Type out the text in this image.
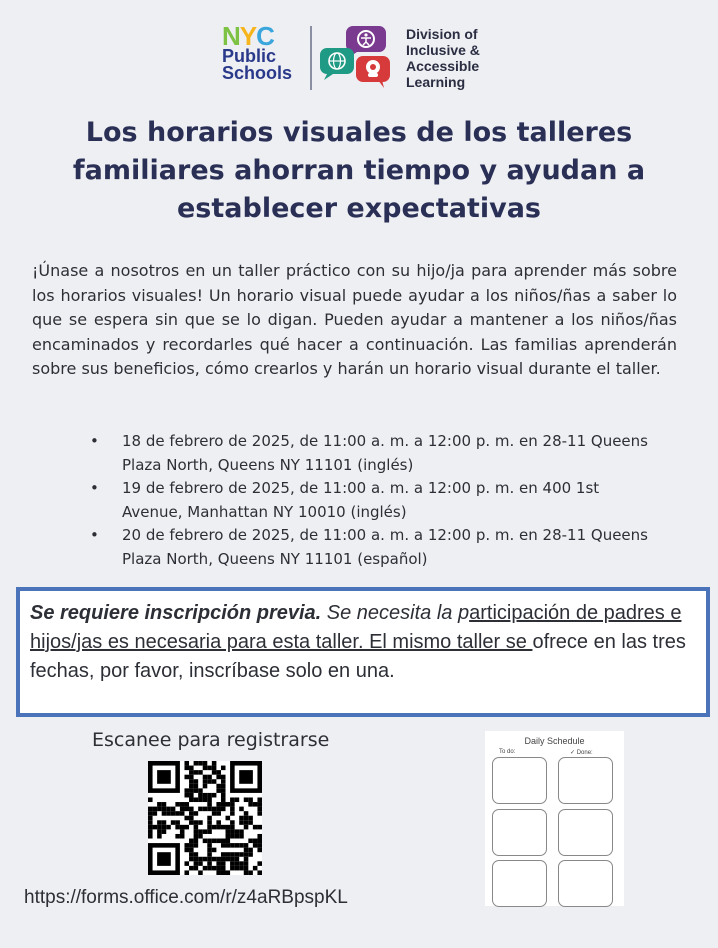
NYC
Public
Schools
Division of
Inclusive &
Accessible
Learning
Los horarios visuales de los talleres familiares ahorran tiempo y ayudan a establecer expectativas

¡Únase a nosotros en un taller práctico con su hijo/ja para aprender más sobre los horarios visuales! Un horario visual puede ayudar a los niños/ñas a saber lo que se espera sin que se lo digan. Pueden ayudar a mantener a los niños/ñas encaminados y recordarles qué hacer a continuación. Las familias aprenderán sobre sus beneficios, cómo crearlos y harán un horario visual durante el taller.

• 18 de febrero de 2025, de 11:00 a. m. a 12:00 p. m. en 28-11 Queens Plaza North, Queens NY 11101 (inglés)
• 19 de febrero de 2025, de 11:00 a. m. a 12:00 p. m. en 400 1st Avenue, Manhattan NY 10010 (inglés)
• 20 de febrero de 2025, de 11:00 a. m. a 12:00 p. m. en 28-11 Queens Plaza North, Queens NY 11101 (español)

Se requiere inscripción previa. Se necesita la participación de padres e hijos/jas es necesaria para esta taller. El mismo taller se ofrece en las tres fechas, por favor, inscríbase solo en una.

Escanee para registrarse
https://forms.office.com/r/z4aRBpspKL
Daily Schedule
To do:	✓ Done:
